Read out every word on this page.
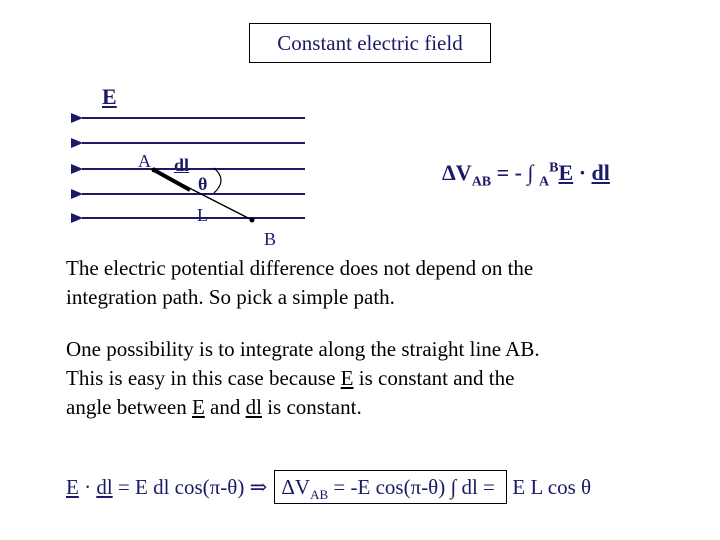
Constant electric field
E
A dl
θ
L
B
$\Delta V_{AB}$ = - ∫ $_A^B$E · dl
The electric potential difference does not depend on the
integration path. So pick a simple path.
One possibility is to integrate along the straight line AB.
This is easy in this case because E is constant and the
angle between E and dl is constant.
E · dl = E dl cos(π-θ) ⇒ $\Delta V_{AB} = -E$ cos(π-θ) ∫ dl =  E L cos θ
